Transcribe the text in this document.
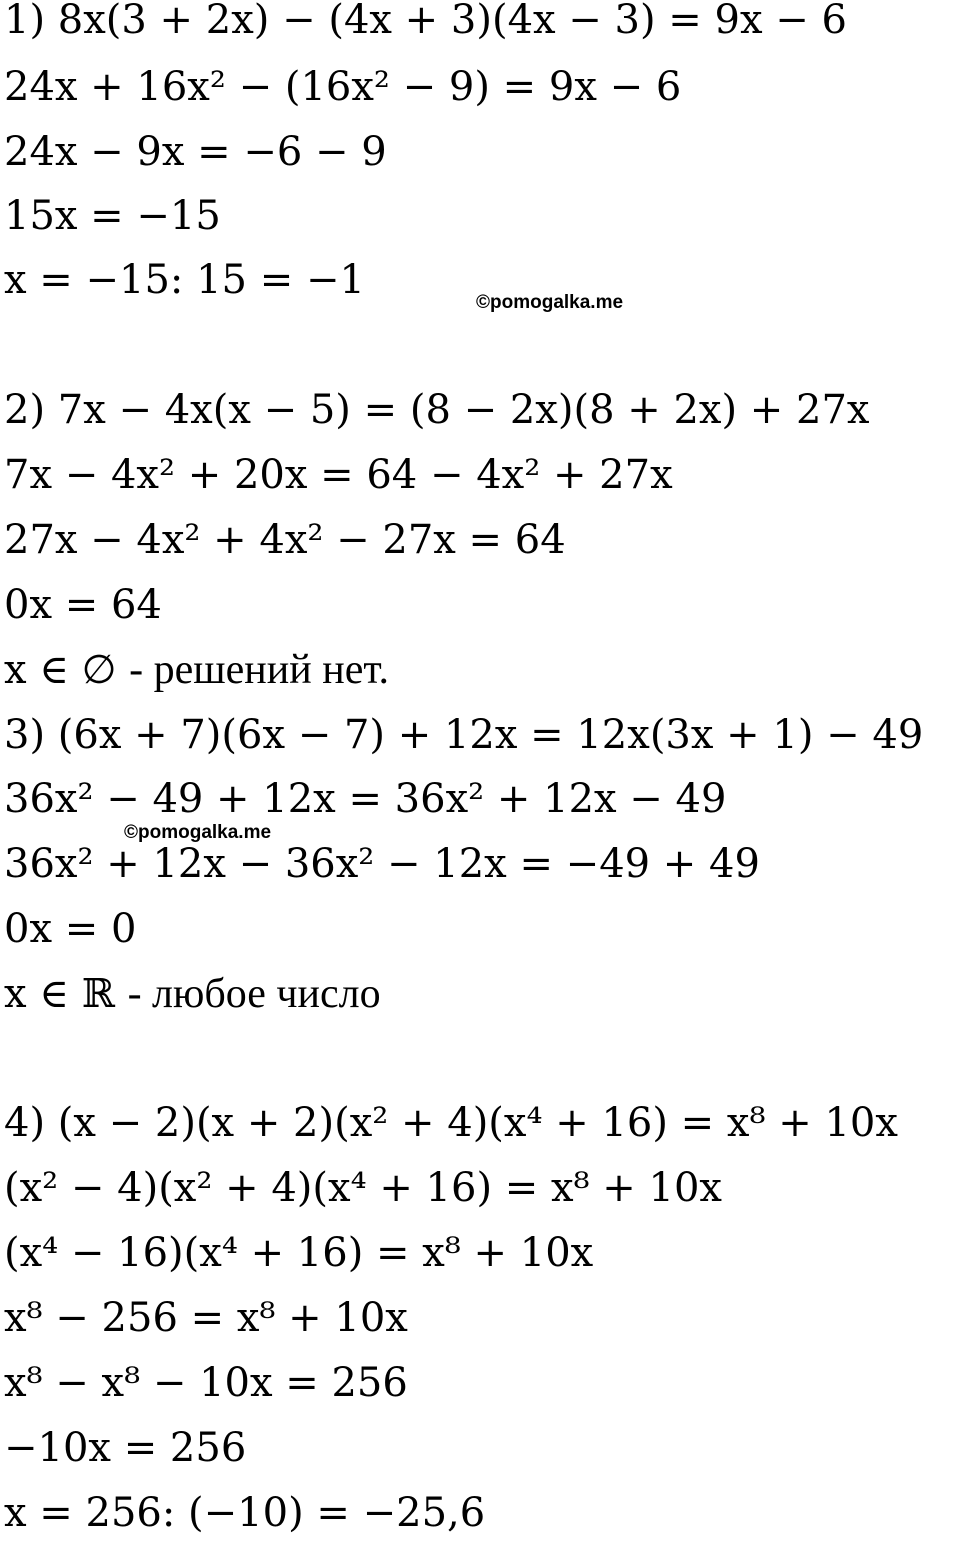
1) 8x(3 + 2x) − (4x + 3)(4x − 3) = 9x − 6
24x + 16x² − (16x² − 9) = 9x − 6
24x − 9x = −6 − 9
15x = −15
x = −15: 15 = −1	©pomogalka.me
2) 7x − 4x(x − 5) = (8 − 2x)(8 + 2x) + 27x
7x − 4x² + 20x = 64 − 4x² + 27x
27x − 4x² + 4x² − 27x = 64
0x = 64
x ∈ ∅ - решений нет.
3) (6x + 7)(6x − 7) + 12x = 12x(3x + 1) − 49
36x² − 49 + 12x = 36x² + 12x − 49
©pomogalka.me
36x² + 12x − 36x² − 12x = −49 + 49
0x = 0
x ∈ ℝ - любое число
4) (x − 2)(x + 2)(x² + 4)(x⁴ + 16) = x⁸ + 10x
(x² − 4)(x² + 4)(x⁴ + 16) = x⁸ + 10x
(x⁴ − 16)(x⁴ + 16) = x⁸ + 10x
x⁸ − 256 = x⁸ + 10x
x⁸ − x⁸ − 10x = 256
−10x = 256
x = 256: (−10) = −25,6
